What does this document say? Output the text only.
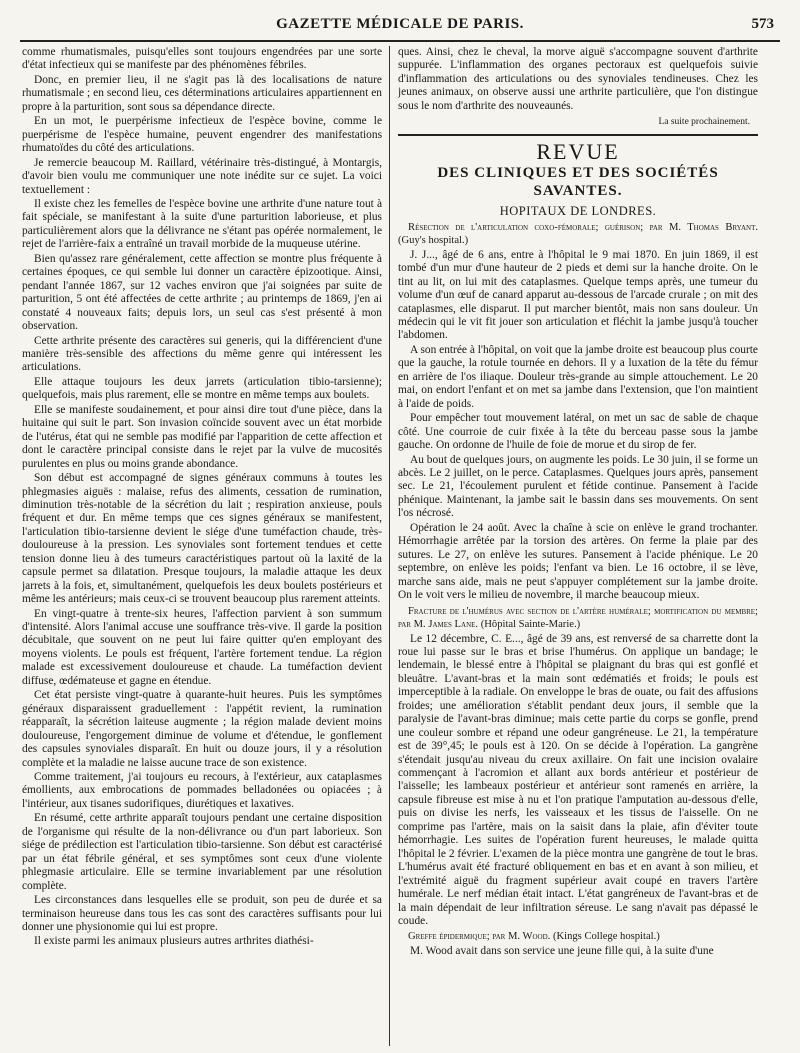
GAZETTE MÉDICALE DE PARIS.	573

comme rhumatismales, puisqu'elles sont toujours engendrées par une sorte d'état infectieux qui se manifeste par des phénomènes fébriles.

Donc, en premier lieu, il ne s'agit pas là des localisations de nature rhumatismale ; en second lieu, ces déterminations articulaires appartiennent en propre à la parturition, sont sous sa dépendance directe.

En un mot, le puerpérisme infectieux de l'espèce bovine, comme le puerpérisme de l'espèce humaine, peuvent engendrer des manifestations rhumatoïdes du côté des articulations.

Je remercie beaucoup M. Raillard, vétérinaire très-distingué, à Montargis, d'avoir bien voulu me communiquer une note inédite sur ce sujet. La voici textuellement :

Il existe chez les femelles de l'espèce bovine une arthrite d'une nature tout à fait spéciale, se manifestant à la suite d'une parturition laborieuse, et plus particulièrement alors que la délivrance ne s'étant pas opérée normalement, le rejet de l'arrière-faix a entraîné un travail morbide de la muqueuse utérine.

Bien qu'assez rare généralement, cette affection se montre plus fréquente à certaines époques, ce qui semble lui donner un caractère épizootique. Ainsi, pendant l'année 1867, sur 12 vaches environ que j'ai soignées par suite de parturition, 5 ont été affectées de cette arthrite ; au printemps de 1869, j'en ai constaté 4 nouveaux faits; depuis lors, un seul cas s'est présenté à mon observation.

Cette arthrite présente des caractères sui generis, qui la différencient d'une manière très-sensible des affections du même genre qui intéressent les articulations.

Elle attaque toujours les deux jarrets (articulation tibio-tarsienne); quelquefois, mais plus rarement, elle se montre en même temps aux boulets.

Elle se manifeste soudainement, et pour ainsi dire tout d'une pièce, dans la huitaine qui suit le part. Son invasion coïncide souvent avec un état morbide de l'utérus, état qui ne semble pas modifié par l'apparition de cette affection et dont le caractère principal consiste dans le rejet par la vulve de mucosités purulentes en plus ou moins grande abondance.

Son début est accompagné de signes généraux communs à toutes les phlegmasies aiguës : malaise, refus des aliments, cessation de rumination, diminution très-notable de la sécrétion du lait ; respiration anxieuse, pouls fréquent et dur. En même temps que ces signes généraux se manifestent, l'articulation tibio-tarsienne devient le siége d'une tuméfaction chaude, très-douloureuse à la pression. Les synoviales sont fortement tendues et cette tension donne lieu à des tumeurs caractéristiques partout où la laxité de la capsule permet sa dilatation. Presque toujours, la maladie attaque les deux jarrets à la fois, et, simultanément, quelquefois les deux boulets postérieurs et même les antérieurs; mais ceux-ci se trouvent beaucoup plus rarement atteints.

En vingt-quatre à trente-six heures, l'affection parvient à son summum d'intensité. Alors l'animal accuse une souffrance très-vive. Il garde la position décubitale, que souvent on ne peut lui faire quitter qu'en employant des moyens violents. Le pouls est fréquent, l'artère fortement tendue. La région malade est excessivement douloureuse et chaude. La tuméfaction devient diffuse, œdémateuse et gagne en étendue.

Cet état persiste vingt-quatre à quarante-huit heures. Puis les symptômes généraux disparaissent graduellement : l'appétit revient, la rumination réapparaît, la sécrétion laiteuse augmente ; la région malade devient moins douloureuse, l'engorgement diminue de volume et d'étendue, le gonflement des capsules synoviales disparaît. En huit ou douze jours, il y a résolution complète et la maladie ne laisse aucune trace de son existence.

Comme traitement, j'ai toujours eu recours, à l'extérieur, aux cataplasmes émollients, aux embrocations de pommades belladonées ou opiacées ; à l'intérieur, aux tisanes sudorifiques, diurétiques et laxatives.

En résumé, cette arthrite apparaît toujours pendant une certaine disposition de l'organisme qui résulte de la non-délivrance ou d'un part laborieux. Son siége de prédilection est l'articulation tibio-tarsienne. Son début est caractérisé par un état fébrile général, et ses symptômes sont ceux d'une violente phlegmasie articulaire. Elle se termine invariablement par une résolution complète.

Les circonstances dans lesquelles elle se produit, son peu de durée et sa terminaison heureuse dans tous les cas sont des caractères suffisants pour lui donner une physionomie qui lui est propre.

Il existe parmi les animaux plusieurs autres arthrites diathési-

ques. Ainsi, chez le cheval, la morve aiguë s'accompagne souvent d'arthrite suppurée. L'inflammation des organes pectoraux est quelquefois suivie d'inflammation des articulations ou des synoviales tendineuses. Chez les jeunes animaux, on observe aussi une arthrite particulière, que l'on distingue sous le nom d'arthrite des nouveaunés.

La suite prochainement.
REVUE
DES CLINIQUES ET DES SOCIÉTÉS SAVANTES.
HOPITAUX DE LONDRES.
Résection de l'articulation coxo-fémorale; guérison; par M. Thomas Bryant. (Guy's hospital.)

J. J..., âgé de 6 ans, entre à l'hôpital le 9 mai 1870. En juin 1869, il est tombé d'un mur d'une hauteur de 2 pieds et demi sur la hanche droite. On le tint au lit, on lui mit des cataplasmes. Quelque temps après, une tumeur du volume d'un œuf de canard apparut au-dessous de l'arcade crurale ; on mit des cataplasmes, elle disparut. Il put marcher bientôt, mais non sans douleur. Un médecin qui le vit fit jouer son articulation et fléchit la jambe jusqu'à toucher l'abdomen.

A son entrée à l'hôpital, on voit que la jambe droite est beaucoup plus courte que la gauche, la rotule tournée en dehors. Il y a luxation de la tête du fémur en arrière de l'os iliaque. Douleur très-grande au simple attouchement. Le 20 mai, on endort l'enfant et on met sa jambe dans l'extension, que l'on maintient à l'aide de poids.

Pour empêcher tout mouvement latéral, on met un sac de sable de chaque côté. Une courroie de cuir fixée à la tête du berceau passe sous la jambe gauche. On ordonne de l'huile de foie de morue et du sirop de fer.

Au bout de quelques jours, on augmente les poids. Le 30 juin, il se forme un abcès. Le 2 juillet, on le perce. Cataplasmes. Quelques jours après, pansement sec. Le 21, l'écoulement purulent et fétide continue. Pansement à l'acide phénique. Maintenant, la jambe sait le bassin dans ses mouvements. On sent l'os nécrosé.

Opération le 24 août. Avec la chaîne à scie on enlève le grand trochanter. Hémorrhagie arrêtée par la torsion des artères. On ferme la plaie par des sutures. Le 27, on enlève les sutures. Pansement à l'acide phénique. Le 20 septembre, on enlève les poids; l'enfant va bien. Le 16 octobre, il se lève, marche sans aide, mais ne peut s'appuyer complétement sur la jambe droite. On le voit vers le milieu de novembre, il marche beaucoup mieux.

Fracture de l'humérus avec section de l'artère humérale; mortification du membre; par M. James Lane. (Hôpital Sainte-Marie.)

Le 12 décembre, C. E..., âgé de 39 ans, est renversé de sa charrette dont la roue lui passe sur le bras et brise l'humérus. On applique un bandage; le lendemain, le blessé entre à l'hôpital se plaignant du bras qui est gonflé et bleuâtre. L'avant-bras et la main sont œdématiés et froids; le pouls est imperceptible à la radiale. On enveloppe le bras de ouate, ou fait des affusions froides; une amélioration s'établit pendant deux jours, il semble que la paralysie de l'avant-bras diminue; mais cette partie du corps se gonfle, prend une couleur sombre et répand une odeur gangréneuse. Le 21, la température est de 39°,45; le pouls est à 120. On se décide à l'opération. La gangrène s'étendait jusqu'au niveau du creux axillaire. On fait une incision ovalaire commençant à l'acromion et allant aux bords antérieur et postérieur de l'aisselle; les lambeaux postérieur et antérieur sont ramenés en arrière, la capsule fibreuse est mise à nu et l'on pratique l'amputation au-dessous d'elle, puis on divise les nerfs, les vaisseaux et les tissus de l'aisselle. On ne comprime pas l'artère, mais on la saisit dans la plaie, afin d'éviter toute hémorrhagie. Les suites de l'opération furent heureuses, le malade quitta l'hôpital le 2 février. L'examen de la pièce montra une gangrène de tout le bras. L'humérus avait été fracturé obliquement en bas et en avant à son milieu, et l'extrémité aiguë du fragment supérieur avait coupé en travers l'artère humérale. Le nerf médian était intact. L'état gangréneux de l'avant-bras et de la main dépendait de leur infiltration séreuse. Le sang n'avait pas dépassé le coude.

Greffe épidermique; par M. Wood. (Kings College hospital.)

M. Wood avait dans son service une jeune fille qui, à la suite d'une
